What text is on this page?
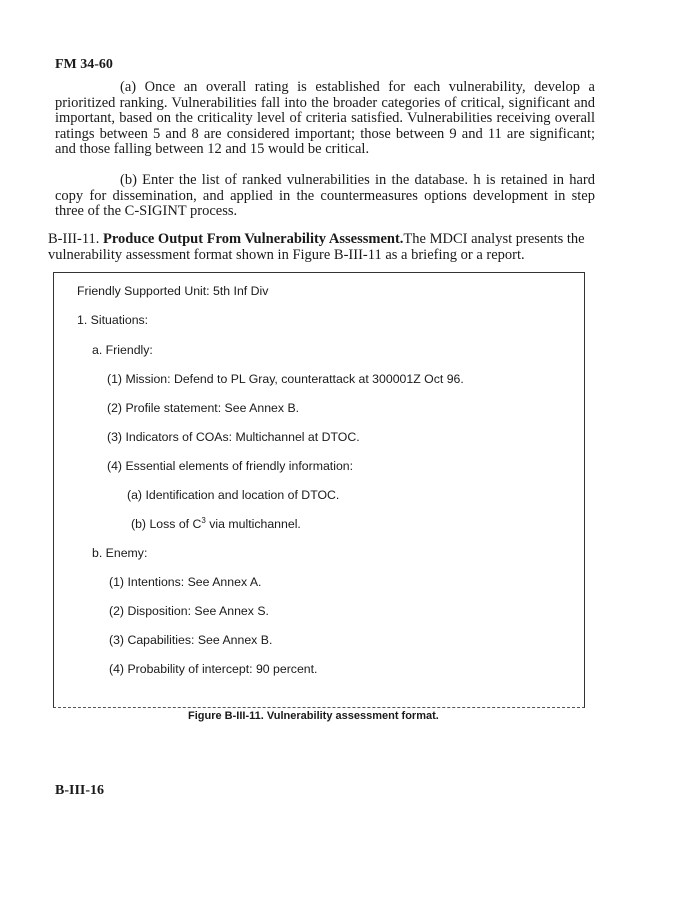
FM 34-60
(a) Once an overall rating is established for each vulnerability, develop a prioritized ranking. Vulnerabilities fall into the broader categories of critical, significant and important, based on the criticality level of criteria satisfied. Vulnerabilities receiving overall ratings between 5 and 8 are considered important; those between 9 and 11 are significant; and those falling between 12 and 15 would be critical.
(b) Enter the list of ranked vulnerabilities in the database. h is retained in hard copy for dissemination, and applied in the countermeasures options development in step three of the C-SIGINT process.
B-III-11. Produce Output From Vulnerability Assessment.The MDCI analyst presents the vulnerability assessment format shown in Figure B-III-11 as a briefing or a report.
Friendly Supported Unit: 5th Inf Div
1. Situations:
a. Friendly:
(1) Mission: Defend to PL Gray, counterattack at 300001Z Oct 96.
(2) Profile statement: See Annex B.
(3) Indicators of COAs: Multichannel at DTOC.
(4) Essential elements of friendly information:
(a) Identification and location of DTOC.
(b) Loss of $C^3$ via multichannel.
b. Enemy:
(1) Intentions: See Annex A.
(2) Disposition: See Annex S.
(3) Capabilities: See Annex B.
(4) Probability of intercept: 90 percent.
Figure B-III-11. Vulnerability assessment format.
B-III-16
